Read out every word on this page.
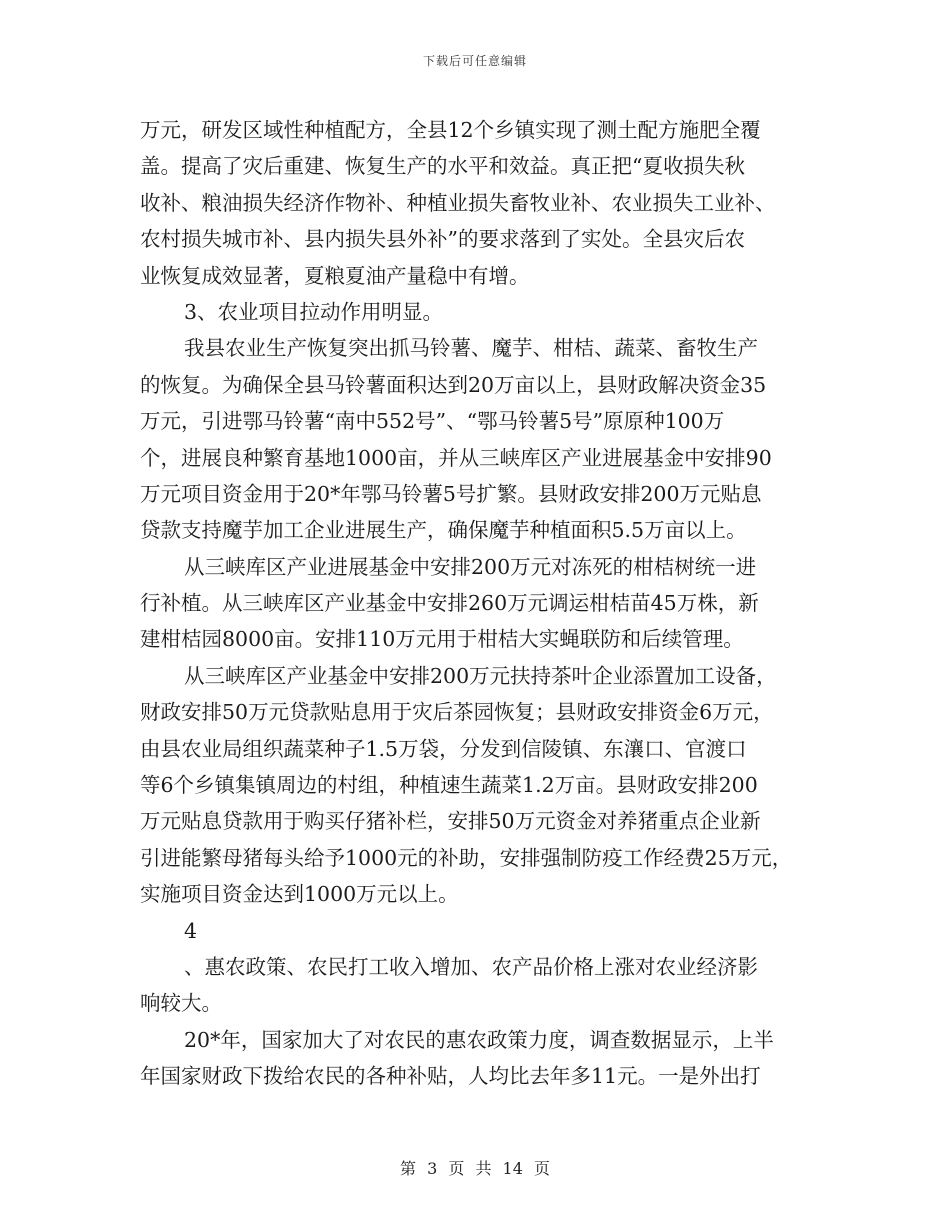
下载后可任意编辑
万元，研发区域性种植配方，全县12个乡镇实现了测土配方施肥全覆
盖。提高了灾后重建、恢复生产的水平和效益。真正把“夏收损失秋
收补、粮油损失经济作物补、种植业损失畜牧业补、农业损失工业补、
农村损失城市补、县内损失县外补”的要求落到了实处。全县灾后农
业恢复成效显著，夏粮夏油产量稳中有增。
3、农业项目拉动作用明显。
我县农业生产恢复突出抓马铃薯、魔芋、柑桔、蔬菜、畜牧生产
的恢复。为确保全县马铃薯面积达到20万亩以上，县财政解决资金35
万元，引进鄂马铃薯“南中552号”、“鄂马铃薯5号”原原种100万
个，进展良种繁育基地1000亩，并从三峡库区产业进展基金中安排90
万元项目资金用于20*年鄂马铃薯5号扩繁。县财政安排200万元贴息
贷款支持魔芋加工企业进展生产，确保魔芋种植面积5.5万亩以上。
从三峡库区产业进展基金中安排200万元对冻死的柑桔树统一进
行补植。从三峡库区产业基金中安排260万元调运柑桔苗45万株，新
建柑桔园8000亩。安排110万元用于柑桔大实蝇联防和后续管理。
从三峡库区产业基金中安排200万元扶持茶叶企业添置加工设备，
财政安排50万元贷款贴息用于灾后茶园恢复；县财政安排资金6万元，
由县农业局组织蔬菜种子1.5万袋，分发到信陵镇、东瀼口、官渡口
等6个乡镇集镇周边的村组，种植速生蔬菜1.2万亩。县财政安排200
万元贴息贷款用于购买仔猪补栏，安排50万元资金对养猪重点企业新
引进能繁母猪每头给予1000元的补助，安排强制防疫工作经费25万元，
实施项目资金达到1000万元以上。
4
、惠农政策、农民打工收入增加、农产品价格上涨对农业经济影
响较大。
20*年，国家加大了对农民的惠农政策力度，调查数据显示，上半
年国家财政下拨给农民的各种补贴，人均比去年多11元。一是外出打
第 3 页 共 14 页
